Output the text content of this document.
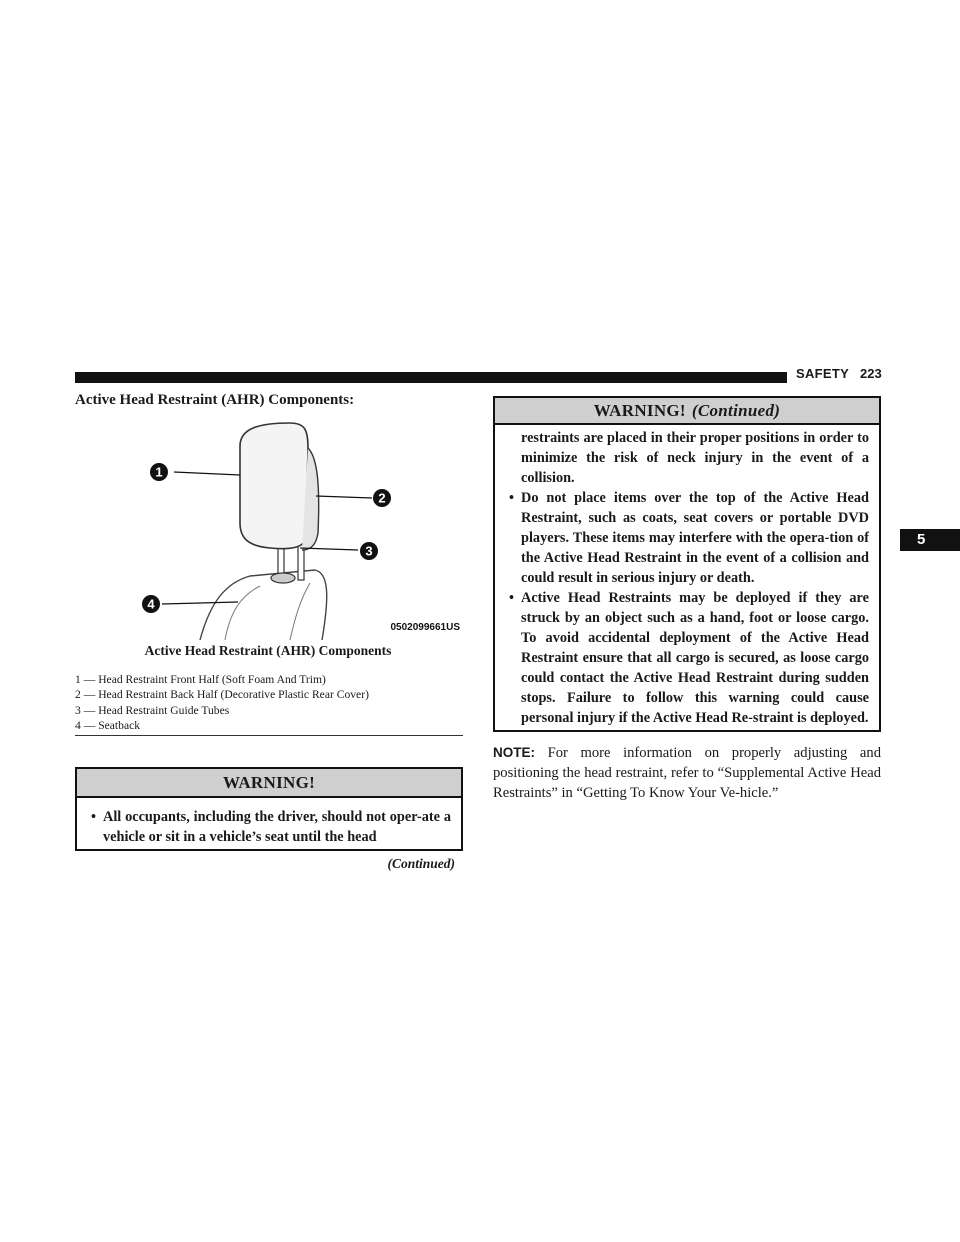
SAFETY 223
5
Active Head Restraint (AHR) Components:
1
2
3
4
0502099661US
Active Head Restraint (AHR) Components
1 — Head Restraint Front Half (Soft Foam And Trim)
2 — Head Restraint Back Half (Decorative Plastic Rear Cover)
3 — Head Restraint Guide Tubes
4 — Seatback
WARNING!

• All occupants, including the driver, should not oper-ate a vehicle or sit in a vehicle’s seat until the head

(Continued)
WARNING! (Continued)

restraints are placed in their proper positions in order to minimize the risk of neck injury in the event of a collision.

• Do not place items over the top of the Active Head Restraint, such as coats, seat covers or portable DVD players. These items may interfere with the opera-tion of the Active Head Restraint in the event of a collision and could result in serious injury or death.

• Active Head Restraints may be deployed if they are struck by an object such as a hand, foot or loose cargo. To avoid accidental deployment of the Active Head Restraint ensure that all cargo is secured, as loose cargo could contact the Active Head Restraint during sudden stops. Failure to follow this warning could cause personal injury if the Active Head Re-straint is deployed.

NOTE: For more information on properly adjusting and positioning the head restraint, refer to “Supplemental Active Head Restraints” in “Getting To Know Your Ve-hicle.”
